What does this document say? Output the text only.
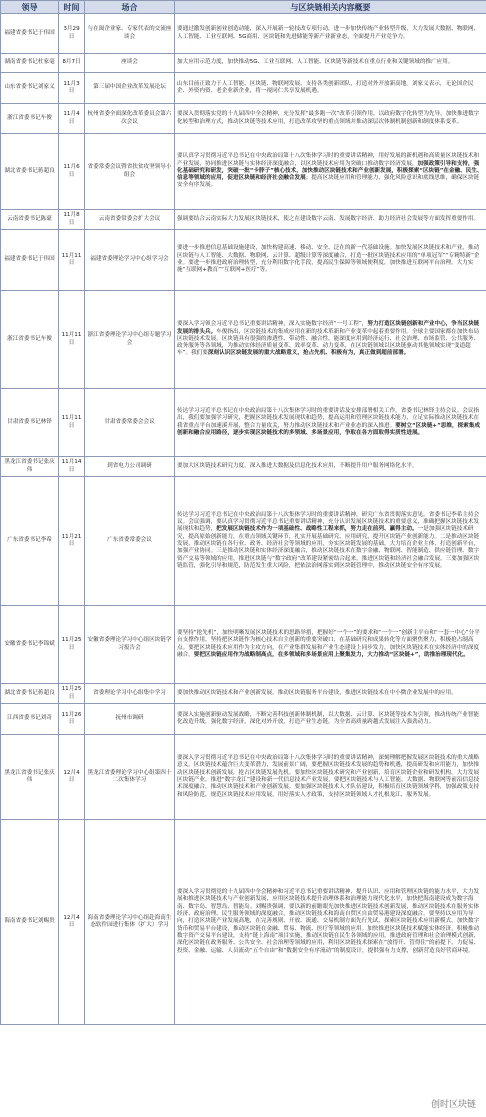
领导	时间	场合	与区块链相关内容概要
福建省委书记于伟国	3月29日	与在闽企业家、专家代表的交流座谈会	要通过激发创新创业创造动能，深入开展新一轮技改专项行动，进一步加快传统产业转型升级，大力发展大数据、物联网、人工智能、工业互联网、5G商用、区块链和先进储能等新产业新业态，全面提升产业竞争力。
湖南省委书记杜家毫	8月7日	座谈会	加大应用示范力度，加快推动5G、工业互联网、人工智能、区块链等新技术在重点行业和关键领域的推广应用。
山东省委书记刘家义	11月3日	第三届中国企业改革发展论坛	山东目前正致力于人工智能、区块链、物联网发展，支持各类创新团队，打造对外开放新高地。刘家义表示，无论国企民企、外资内资、老企业新企业，将一视同仁共享发展机遇。
浙江省委书记车俊	11月4日	杭州省委全面深化改革委员会第六次会议	要深入贯彻落实党的十九届四中全会精神，充分发挥“最多跑一次”改革引领作用，以政府数字化转型为先导，加快推进数字化转型和治理方式，推动区块链等技术应用，打造改革攻坚的重点领域并推动深层次体制机制创新和制度体系变革。
湖北省委书记蒋超良	11月6日	省委常委会议暨省扶贫攻坚领导小组会	要认真学习贯彻习近平总书记在中央政治局第十八次集体学习时的重要讲话精神，用好发展的新机遇和高质量区块链技术和产业发展，协同推进区块链与实体经济深度融合，以区块链技术应用为突破口推动数字经济发展，加强政策引导和支持，强化基础研究和研发，突破一批“卡脖子”核心技术，加快推动区块链技术和产业创新发展，积极探索“区块链”在金融、民生、信息等领域的应用，促进区块链和经济社会融合发展；提高区块链应用和管理能力，强化风险意识和底线思维，确保区块链安全有序发展。
云南省委书记陈豪	11月8日	云南省委常委会扩大会议	强调要结合云南实际大力发展区块链技术，使之在建设数字云南、发展数字经济、助力经济社会发展等方面发挥重要作用。
福建省委书记于伟国	11月11日	福建省委理论学习中心组学习会	要进一步推进信息基础设施建设，加快构建高速、移动、安全、泛在的新一代基础设施。加快发展区块链技术和产业，推动区块链与人工智能、大数据、物联网、云计算、超级计算等深度融合，打造一批区块链技术应用的“单项冠军”“专精特新”企业。要进一步推进政府治理转型，充分利用数字化手段，提高民生保障等领域便利度，加快推进互联网平台治理，大力实施“互联网+教育”“互联网+医疗”等。
浙江省委书记车俊	11月11日	浙江省委理论学习中心组专题学习会	要深入学习领会习近平总书记重要讲话精神，深入实施数字经济“一号工程”，努力打造区块链创新和产业中心，争当区块链发展的排头兵。车俊指出，区块链技术的集成应用在新的技术革新和产业变革中起着重要作用。全球主要国家都在加快布局区块链技术发展。区块链具有很强的渗透性、带动性、融合性，能深度应用到经济运行、社会治理、市场监管、公共服务、政务服务等各领域，为推动实体经济质量变革、效率变革、动力变革，在区块链领域以区块链驱动其他领域实现“变道超车”。我们要深刻认识区块链发展的重大战略意义，抢占先机、积极有为，真正做到超前部署。
甘肃省委书记林铎	11月11日	甘肃省委常委会会议	传达学习习近平总书记在中央政治局第十八次集体学习时的重要讲话及安排部署相关工作。省委书记林铎主持会议。会议指出，我们要加强学习研究，把握区块链技术发展现状和趋势，提高运用和管理区块链技术能力，立足实际推动区块链技术在我省重点平台加速溪开展，整合力量攻关，努力推动区块链技术和产业业态的深入推进。要树立“区块链+”思维，探索集成创新和融合应用路径，逐步实现区块链技术的多领域、多场景应用，争取在各方面取得实质性进展。
黑龙江省委书记张庆伟	11月14日	到省电力公司调研	要加大区块链技术研究力度，深入推进大数据及信息化技术应用，不断提升用户服务网络化水平。
广东省委书记李希	11月21日	广东省委常委会议	传达学习习近平总书记在中央政治局第十八次集体学习时的重要讲话精神，研究广东省贯彻落实意见。省委书记李希主持会议。会议强调，要认真学习贯彻习近平总书记重要讲话精神，充分认识发展区块链技术的重要意义，准确把握区块链技术发展现状和趋势，把发展区块链技术作为一项基础性、战略性工程来抓，努力走在前列、赢得主动。一是加强区块链技术研究，提高原始创新能力，在重点领域关键环节，扎实开展基础研究、应用研究，提升区块链产业创新能力。二是推动区块链发展，推动区块链在各行业、政务、经济社会等领域的应用，夯实区块链发展的基础，大力培育企业主体，打造创新平台，加强产业协同。三是推动区块链和实体经济深度融合，推动区块链技术在数字金融、物联网、智能制造、供应链管理、数字资产交易等领域的应用，推进区块链与“数字政府”改革建设紧密结合起来，推进区块链和经济社会融合发展。三要加强区块链监管，强化引导和规范，防范发生重大风险，把依法治网落实到区块链管理中，推动区块链安全有序发展。
安徽省委书记李锦斌	11月25日	安徽省委理论学习中心组区块链学习报告会	要坚持“抢先机”，加快明晰发展区块链技术的思路举措，把握好“一个一”的要求和“一个一”创新主平台和“一套一中心”分平台支撑作用，坚持把区块链作为核心技术自主创新的重要突破口，在基础研究和成果转化等方面聚焦聚力，积极抢占制高点。要把区块链技术应用作为主攻方向，在产业集群发展和产业生态建设上同步发力，加快区块链技术在实体经济中的深度融合。要把区块链应用作为战略制高点，在多领域和多场景应用上聚集发力，大力推动“区块链+”，助推治理现代化。
湖北省委书记蒋超良	11月25日	省委理论学习中心组集中学习	要加快推动区块链技术和产业创新发展，推动区块链服务平台建设，推进区块链技术在中小微企业发展中的应用。
江西省委书记刘奇	11月26日	抚州市调研	要深入实施创新驱动发展战略，不断完善科技创新体制机制，以大数据、云计算、区块链等技术为引领，推动传统产业智能化改造升级，强化数字经济，深化对外开放，打造产业生态链，为全省高质量跨越式发展注入强劲动力。
黑龙江省委书记张庆伟	12月4日	黑龙江省委理论学习中心组第四十二次集体学习	要深入学习贯彻习近平总书记在中央政治局第十八次集体学习时的重要讲话精神，深刻理解把握发展区块链技术的重大战略意义。区块链技术蕴含巨大变革潜力，发展前景广阔，要把握区块链技术发展的趋势和机遇，提高研发和应用能力，加快推动区块链技术创新发展，抢占区块链发展先机。要加快区块链技术研究和产业创新，培育区块链企业和研发机构，大力发展区块链产业，推进“数字龙江”建设和新一代信息技术产业发展，要把区块链技术与人工智能、大数据、物联网等前沿信息技术深度融合，推动区块链技术和产业创新发展。要加强区块链技术人才队伍建设，积极培育区块链领域学科，加强政策支持和风险防范，规范区块链技术应用发展，用好落实人才政策，支持区块链领域人才扎根龙江，服务发展。
海南省委书记刘赐贵	12月4日	海南省委理论学习中心组赴海南生态软件园进行集体（扩大）学习	要深入学习贯彻党的十九届四中全会精神和习近平总书记重要讲话精神，提升认识、应用和管理区块链的能力水平，大力发展和推进区块链技术与产业创新发展，应用区块链技术提升治理体系和治理能力现代化水平，加快把海南建设成为数字海南、数字岛、智慧岛、智能岛。刘赐贵强调，要以新的前瞻眼光加快推进区块链技术创新发展，推动区块链技术在服务实体经济、政府治理、民生服务领域的深度融合，推动区块链技术和海南自贸区自由贸易港建设深度融合。要坚持以应用为导向，打造区块链产业发展高地，在完善规则、开放、流通、交易机制方面先行先试，探索区块链技术应用新模式，加快数字货币和贸易平台建设，推动区块链在金融、贸易、物流、医疗等领域的应用。加快推进区块链技术赋能实体经济，积极推动数字资产交易平台建设，支持“链上海南”项目实施，推动区块链在民生各领域的应用。推进政府管理和社会治理模式创新，深化区块链在政务服务、公共安全、社会治理等领域的应用，利用区块链技术探索在“放得开、管得住”的前提下，力促易、投资、金融、运输、人员流动“五个自由”和“数据安全有序流动”的制度设计，提供强有力支撑，创新营造良好营商环境。
创时区块链
